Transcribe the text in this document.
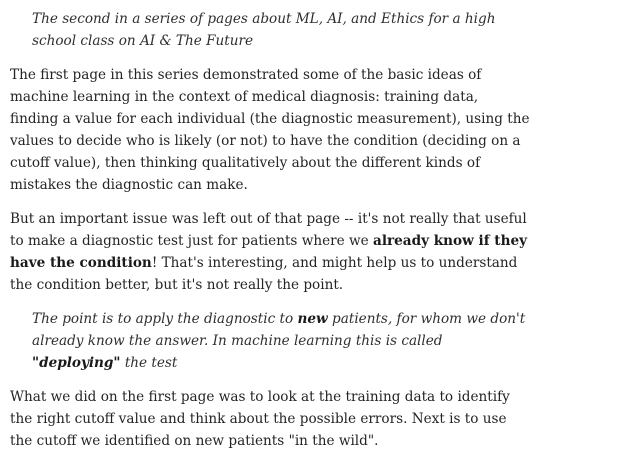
The second in a series of pages about ML, AI, and Ethics for a high school class on AI & The Future

The first page in this series demonstrated some of the basic ideas of machine learning in the context of medical diagnosis: training data, finding a value for each individual (the diagnostic measurement), using the values to decide who is likely (or not) to have the condition (deciding on a cutoff value), then thinking qualitatively about the different kinds of mistakes the diagnostic can make.

But an important issue was left out of that page -- it's not really that useful to make a diagnostic test just for patients where we already know if they have the condition! That's interesting, and might help us to understand the condition better, but it's not really the point.

The point is to apply the diagnostic to new patients, for whom we don't already know the answer. In machine learning this is called "deploying" the test

What we did on the first page was to look at the training data to identify the right cutoff value and think about the possible errors. Next is to use the cutoff we identified on new patients "in the wild".
